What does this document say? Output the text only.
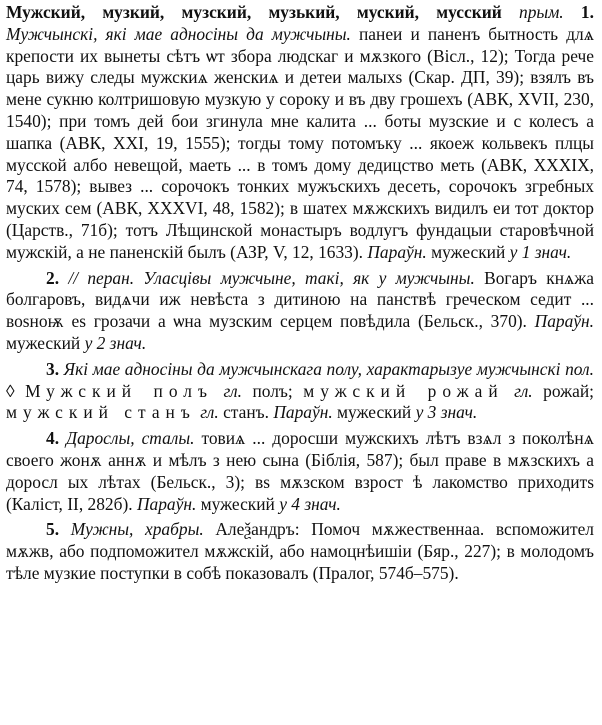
Мужский, музкий, музский, музький, муский, мусский прым. 1. Мужчынскі, які мае адносіны да мужчыны. панеи и паненъ бытность длѧ крепости их вынеты сѣтъ ѡт зборa людскаг и мѫзкого (Вісл., 12); Тогда рече царь вижу следы мужскиѧ женскиѧ и детеи малыхѕ (Скар. ДП, 39); взялъ въ мене сукню колтришовую музкую у сороку и въ дву грошехъ (АВК, XVII, 230, 1540); при томъ дей бои згинула мне калита ... боты музские и с колесъ а шапка (АВК, XXI, 19, 1555); тогды тому потомъку ... якоеж кольвекъ плцы мусской албо невещой, маеть ... в томъ дому дедицство меть (АВК, XXXIX, 74, 1578); вывез ... сорочокъ тонких мужъскихъ десеть, сорочокъ згребных муских сем (АВК, XXXVI, 48, 1582); в шатех мѫжскихъ видилъ еи тот доктор (Царств., 71б); тотъ Лѣщинской монастыръ водлугъ фундацыи старовѣчной мужскій, а не паненскій былъ (АЗР, V, 12, 1633). Параўн. мужеский у 1 знач.

2. // перан. Уласцівы мужчыне, такі, як у мужчыны. Вогаръ кнѧжа болгаровъ, видѧчи иж невѣста з дитиною на панствѣ греческом седит ... воѕноѭ еѕ грозачи а ѡна музским серцем повѣдила (Бельск., 370). Параўн. мужеский у 2 знач.

3. Які мае адносіны да мужчынскага полу, характарызуе мужчынскі пол. ◊ Мужский полъ гл. полъ; мужский рожай гл. рожай; мужский станъ гл. станъ. Параўн. мужеский у 3 знач.

4. Дарослы, сталы. товиѧ ... доросши мужскихъ лѣтъ взѧл з поколѣнѧ своего жонѫ аннѫ и мѣлъ з нею сына (Біблія, 587); был праве в мѫзскихъ а доросл ых лѣтах (Бельск., 3); вѕ мѫзском взрост ѣ лакомство приходитѕ (Каліст, II, 282б). Параўн. мужеский у 4 знач.

5. Мужны, храбры. Алеѯандръ: Помоч мѫжественнаа. вспоможител мѫжв, або подпоможител мѫжскій, або намоцнѣишіи (Бяр., 227); в молодомъ тѣле музкие поступки в собѣ показовалъ (Пралог, 574б–575).
